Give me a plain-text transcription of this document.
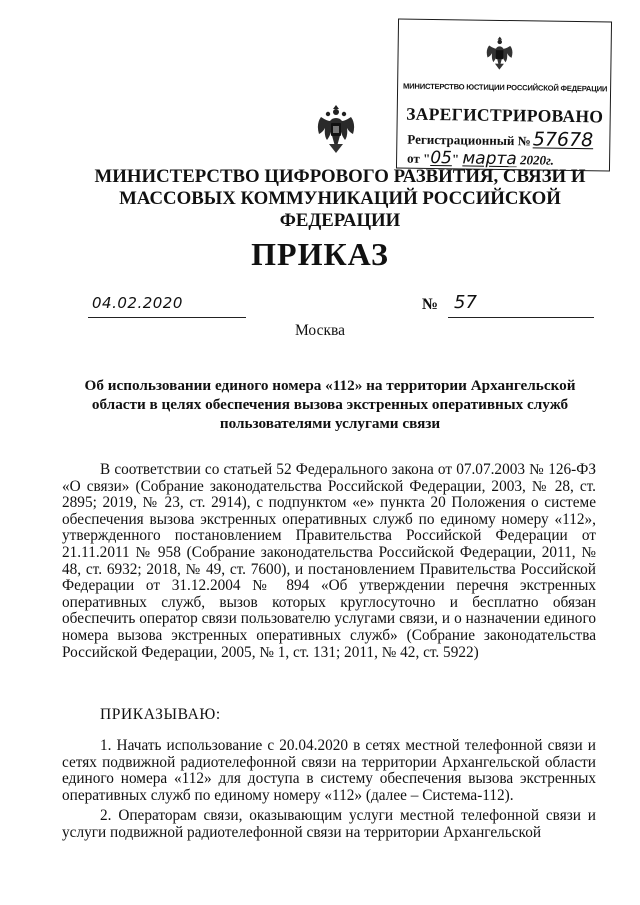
МИНИСТЕРСТВО ЮСТИЦИИ РОССИЙСКОЙ ФЕДЕРАЦИИ
ЗАРЕГИСТРИРОВАНО
Регистрационный №57678
от "05" марта 2020г.
МИНИСТЕРСТВО ЦИФРОВОГО РАЗВИТИЯ, СВЯЗИ И
МАССОВЫХ КОММУНИКАЦИЙ РОССИЙСКОЙ ФЕДЕРАЦИИ
ПРИКАЗ
04.02.2020	№ 57
Москва
Об использовании единого номера «112» на территории Архангельской области в целях обеспечения вызова экстренных оперативных служб пользователями услугами связи
В соответствии со статьей 52 Федерального закона от 07.07.2003 № 126-ФЗ «О связи» (Собрание законодательства Российской Федерации, 2003, № 28, ст. 2895; 2019, № 23, ст. 2914), с подпунктом «е» пункта 20 Положения о системе обеспечения вызова экстренных оперативных служб по единому номеру «112», утвержденного постановлением Правительства Российской Федерации от 21.11.2011 № 958 (Собрание законодательства Российской Федерации, 2011, № 48, ст. 6932; 2018, № 49, ст. 7600), и постановлением Правительства Российской Федерации от 31.12.2004 № 894 «Об утверждении перечня экстренных оперативных служб, вызов которых круглосуточно и бесплатно обязан обеспечить оператор связи пользователю услугами связи, и о назначении единого номера вызова экстренных оперативных служб» (Собрание законодательства Российской Федерации, 2005, № 1, ст. 131; 2011, № 42, ст. 5922)
ПРИКАЗЫВАЮ:
1. Начать использование с 20.04.2020 в сетях местной телефонной связи и сетях подвижной радиотелефонной связи на территории Архангельской области единого номера «112» для доступа в систему обеспечения вызова экстренных оперативных служб по единому номеру «112» (далее – Система-112).
2. Операторам связи, оказывающим услуги местной телефонной связи и услуги подвижной радиотелефонной связи на территории Архангельской
